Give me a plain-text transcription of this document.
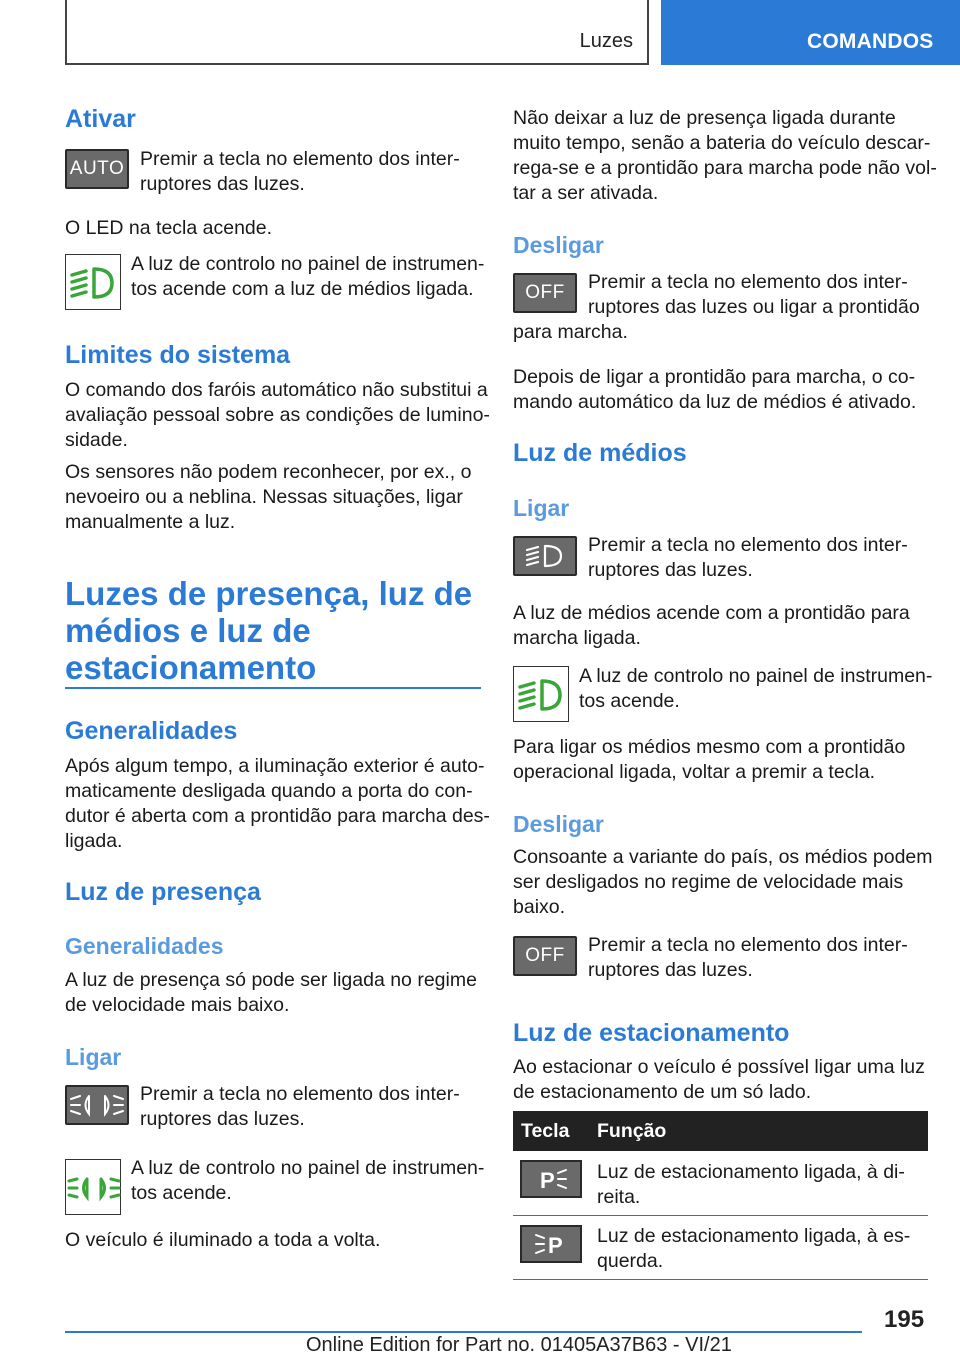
Luzes	COMANDOS
Ativar
AUTO Premir a tecla no elemento dos inter-
ruptores das luzes.
O LED na tecla acende.
A luz de controlo no painel de instrumen-
tos acende com a luz de médios ligada.
Limites do sistema
O comando dos faróis automático não substitui a
avaliação pessoal sobre as condições de lumino-
sidade.
Os sensores não podem reconhecer, por ex., o
nevoeiro ou a neblina. Nessas situações, ligar
manualmente a luz.
Luzes de presença, luz de
médios e luz de
estacionamento
Generalidades
Após algum tempo, a iluminação exterior é auto-
maticamente desligada quando a porta do con-
dutor é aberta com a prontidão para marcha des-
ligada.
Luz de presença
Generalidades
A luz de presença só pode ser ligada no regime
de velocidade mais baixo.
Ligar
Premir a tecla no elemento dos inter-
ruptores das luzes.
A luz de controlo no painel de instrumen-
tos acende.
O veículo é iluminado a toda a volta.
Não deixar a luz de presença ligada durante
muito tempo, senão a bateria do veículo descar-
rega-se e a prontidão para marcha pode não vol-
tar a ser ativada.
Desligar
OFF	Premir a tecla no elemento dos inter-
ruptores das luzes ou ligar a prontidão
para marcha.
Depois de ligar a prontidão para marcha, o co-
mando automático da luz de médios é ativado.
Luz de médios
Ligar
Premir a tecla no elemento dos inter-
ruptores das luzes.
A luz de médios acende com a prontidão para
marcha ligada.
A luz de controlo no painel de instrumen-
tos acende.
Para ligar os médios mesmo com a prontidão
operacional ligada, voltar a premir a tecla.
Desligar
Consoante a variante do país, os médios podem
ser desligados no regime de velocidade mais
baixo.
OFF	Premir a tecla no elemento dos inter-
ruptores das luzes.
Luz de estacionamento
Ao estacionar o veículo é possível ligar uma luz
de estacionamento de um só lado.
Tecla Função
P Luz de estacionamento ligada, à di-
reita.
P Luz de estacionamento ligada, à es-
querda.
195
Online Edition for Part no. 01405A37B63 - VI/21
